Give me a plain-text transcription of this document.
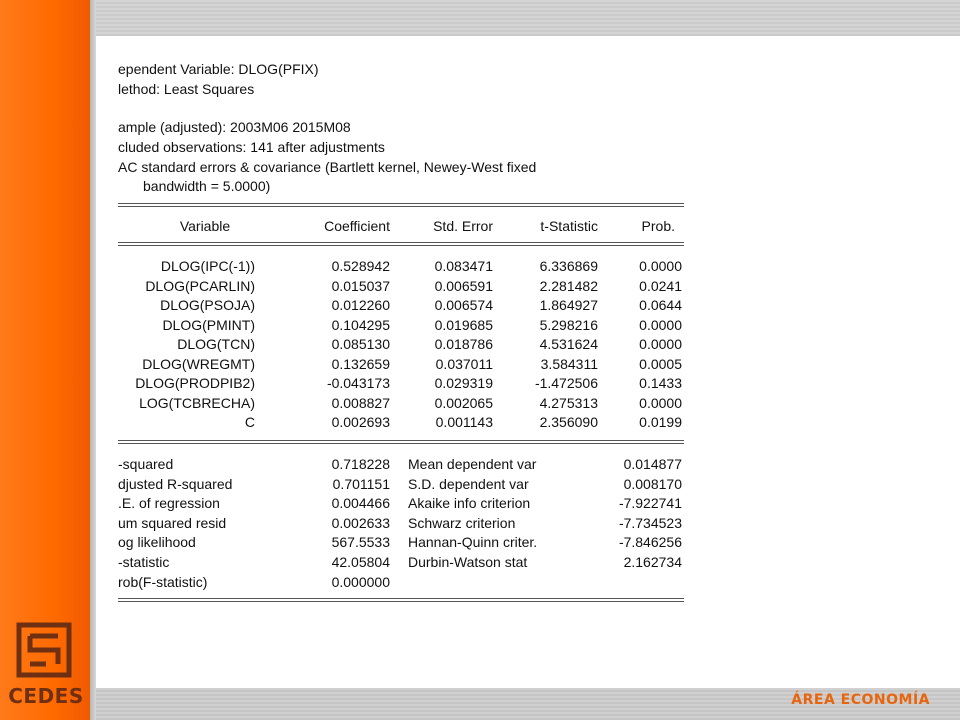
ependent Variable: DLOG(PFIX)
lethod: Least Squares
ample (adjusted): 2003M06 2015M08
cluded observations: 141 after adjustments
AC standard errors & covariance (Bartlett kernel, Newey-West fixed
bandwidth = 5.0000)
Variable	Coefficient	Std. Error	t-Statistic	Prob.
DLOG(IPC(-1))	0.528942	0.083471	6.336869	0.0000
DLOG(PCARLIN)	0.015037	0.006591	2.281482	0.0241
DLOG(PSOJA)	0.012260	0.006574	1.864927	0.0644
DLOG(PMINT)	0.104295	0.019685	5.298216	0.0000
DLOG(TCN)	0.085130	0.018786	4.531624	0.0000
DLOG(WREGMT)	0.132659	0.037011	3.584311	0.0005
DLOG(PRODPIB2)	-0.043173	0.029319	-1.472506	0.1433
LOG(TCBRECHA)	0.008827	0.002065	4.275313	0.0000
C	0.002693	0.001143	2.356090	0.0199
-squared	0.718228 Mean dependent var	0.014877
djusted R-squared	0.701151 S.D. dependent var	0.008170
.E. of regression	0.004466 Akaike info criterion	-7.922741
um squared resid	0.002633 Schwarz criterion	-7.734523
og likelihood	567.5533 Hannan-Quinn criter.	-7.846256
-statistic	42.05804 Durbin-Watson stat	2.162734
rob(F-statistic)	0.000000
CEDES	ÁREA ECONOMÍA
